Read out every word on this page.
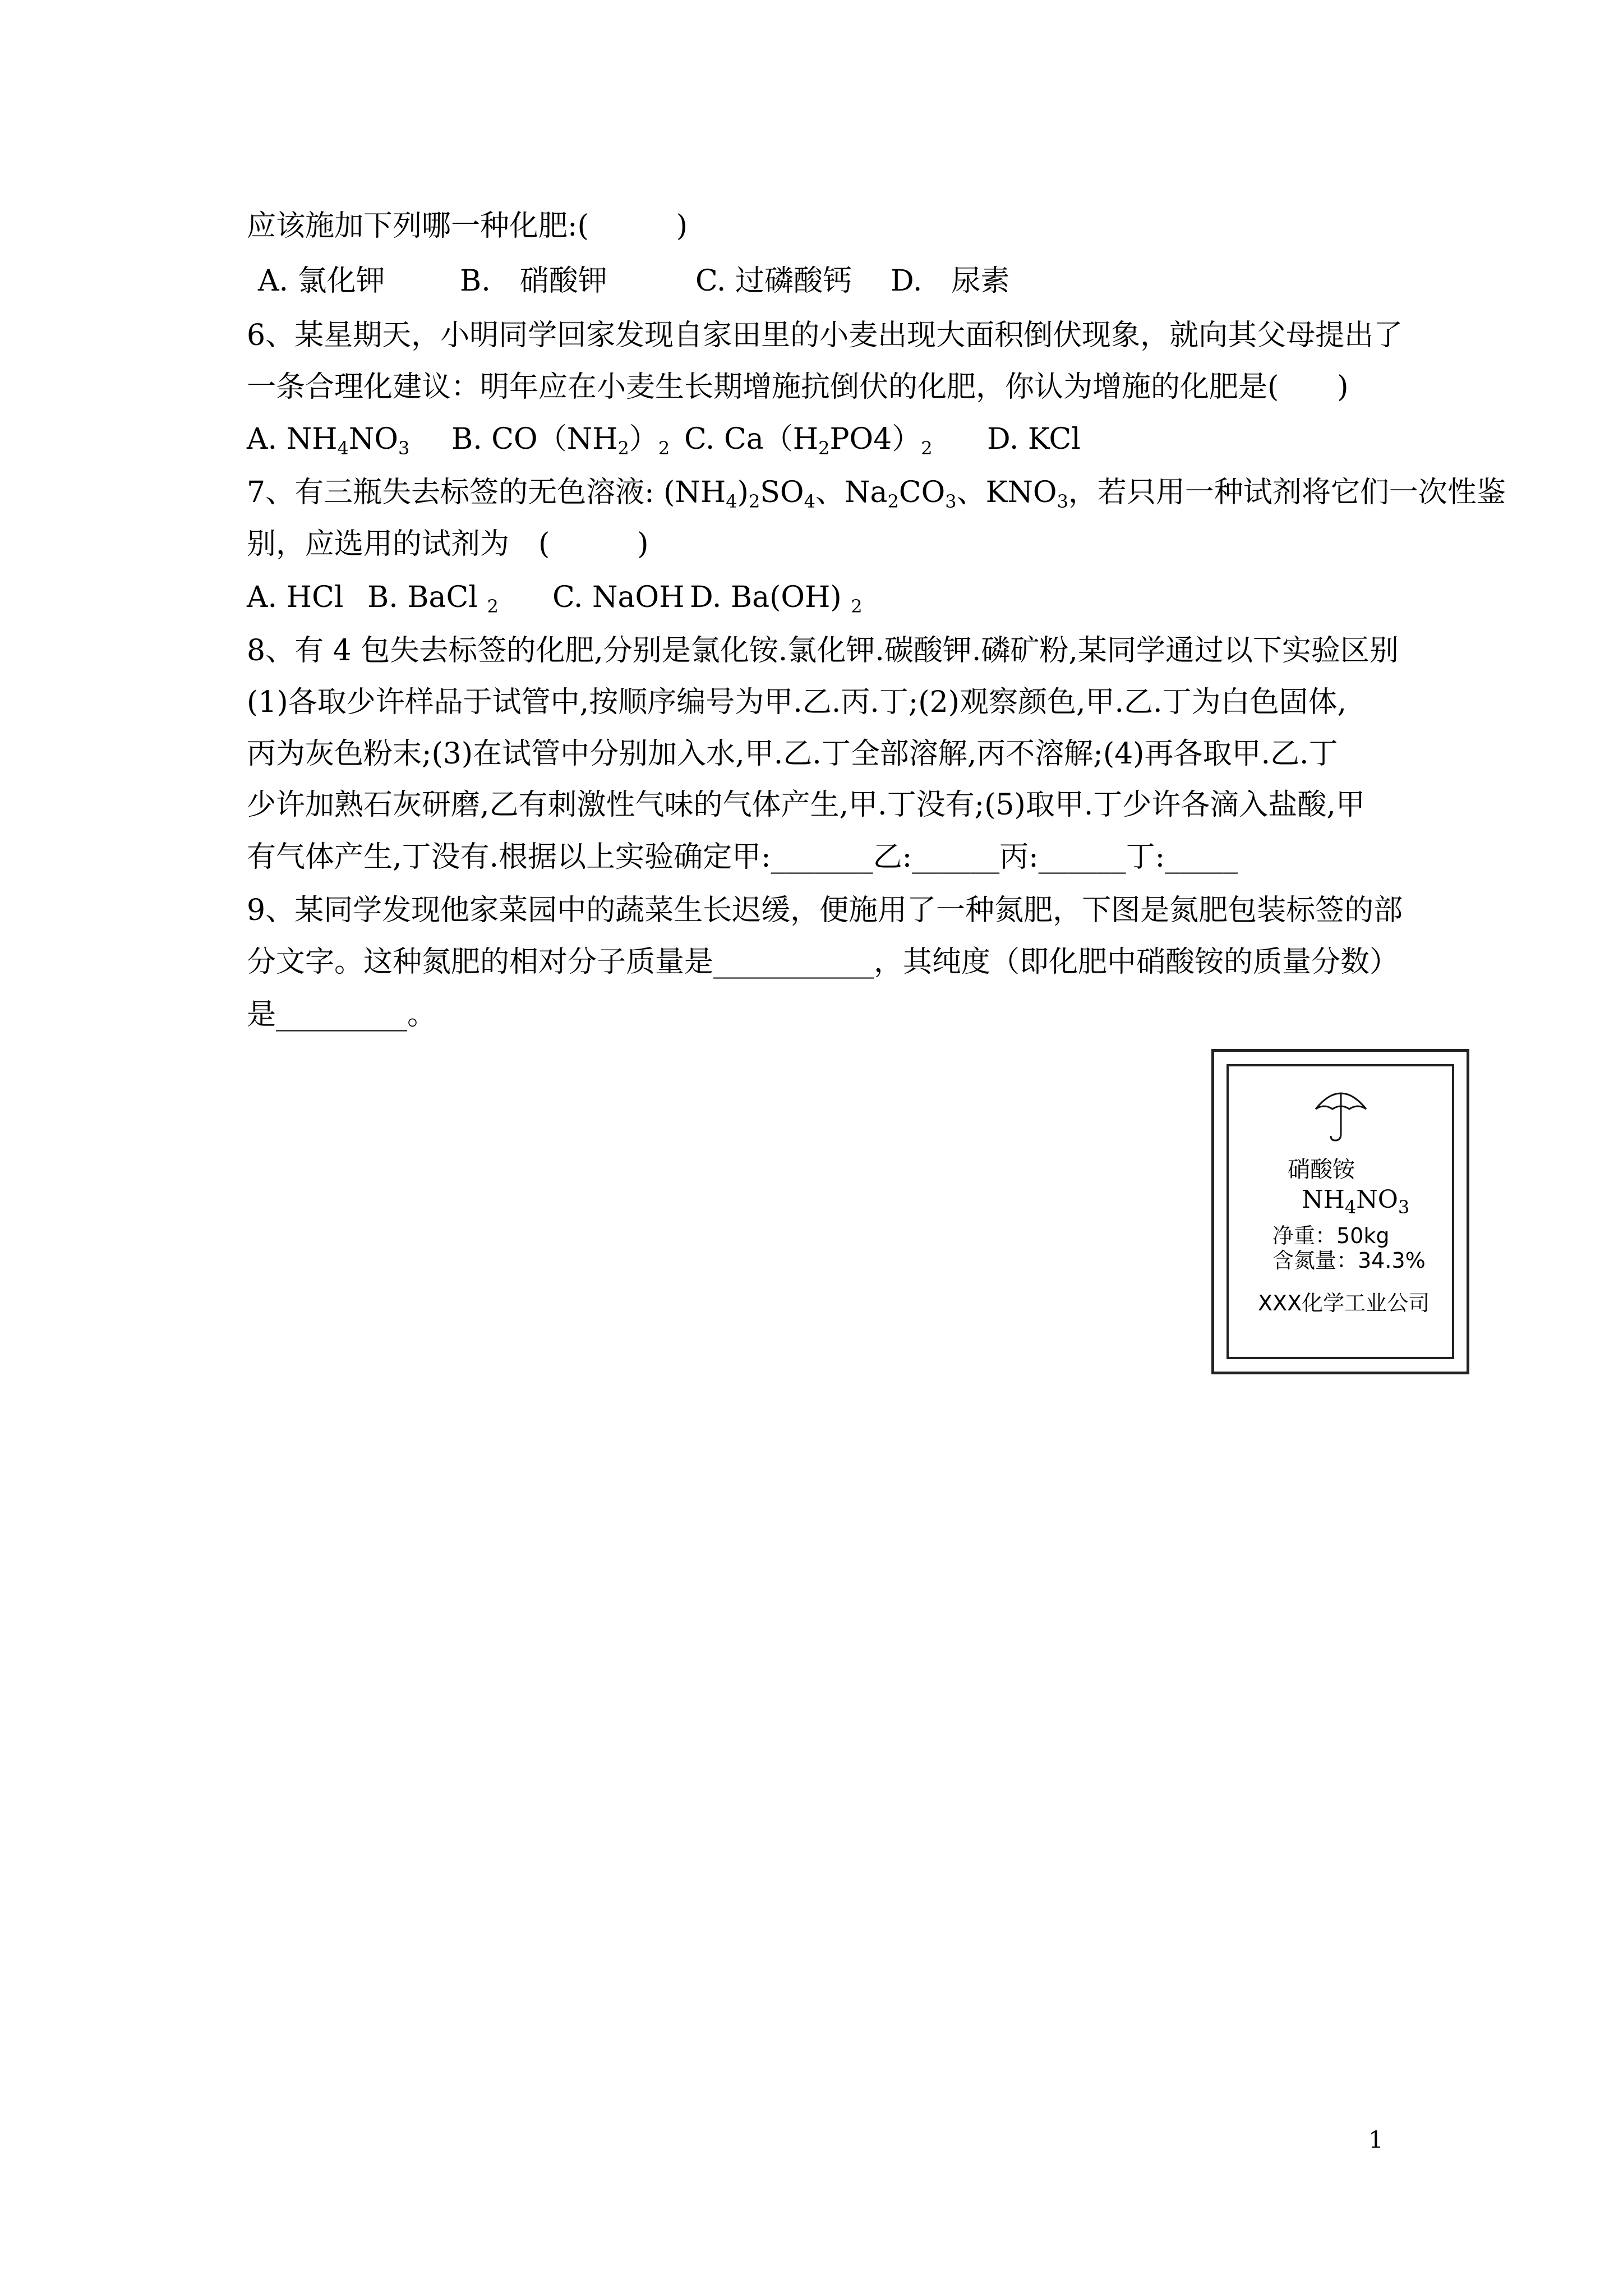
应该施加下列哪一种化肥:(　　　)
A. 氯化钾	B.　硝酸钾	C. 过磷酸钙 D.　尿素
6、某星期天，小明同学回家发现自家田里的小麦出现大面积倒伏现象，就向其父母提出了
一条合理化建议：明年应在小麦生长期增施抗倒伏的化肥，你认为增施的化肥是(　　)
A. $NH_4NO_3$ B. $CO(NH_2)_2$ C. $Ca(H_2PO4)_2$ D. KCl
7、有三瓶失去标签的无色溶液: $(NH_4)_2SO_4$、$Na_2CO_3$、$KNO_3$，若只用一种试剂将它们一次性鉴
别，应选用的试剂为　(　　　)
A. HCl B. BaCl $_2$ C. NaOH D. Ba(OH) $_2$
8、有 4 包失去标签的化肥,分别是氯化铵.氯化钾.碳酸钾.磷矿粉,某同学通过以下实验区别
(1)各取少许样品于试管中,按顺序编号为甲.乙.丙.丁;(2)观察颜色,甲.乙.丁为白色固体,
丙为灰色粉末;(3)在试管中分别加入水,甲.乙.丁全部溶解,丙不溶解;(4)再各取甲.乙.丁
少许加熟石灰研磨,乙有刺激性气味的气体产生,甲.丁没有;(5)取甲.丁少许各滴入盐酸,甲
有气体产生,丁没有.根据以上实验确定甲:_______乙:______丙:______丁:_____
9、某同学发现他家菜园中的蔬菜生长迟缓，便施用了一种氮肥，下图是氮肥包装标签的部
分文字。这种氮肥的相对分子质量是___________，其纯度（即化肥中硝酸铵的质量分数）
是_________。
硝酸铵
$NH_4NO_3$
净重：50kg
含氮量：34.3%
XXX化学工业公司
1
